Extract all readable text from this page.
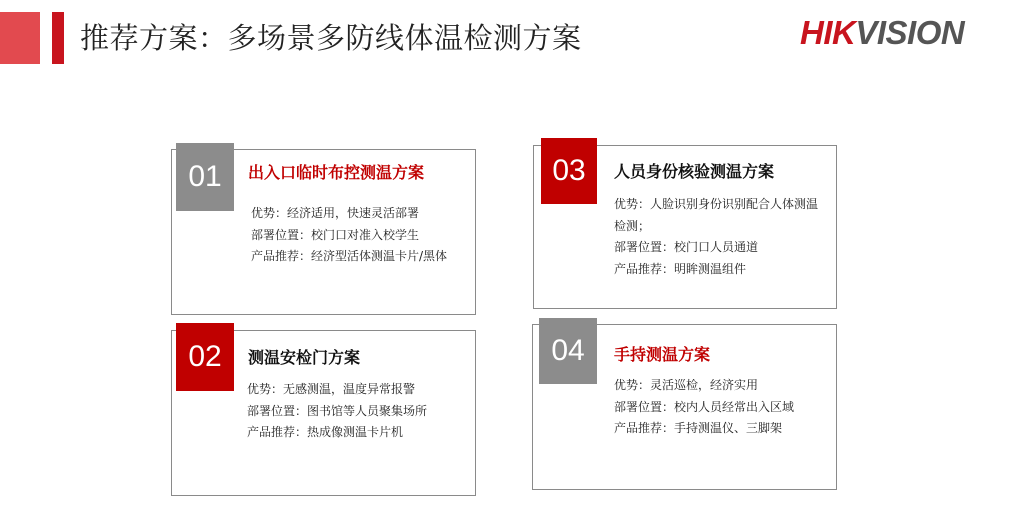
推荐方案：多场景多防线体温检测方案	HIKVISION
01	出入口临时布控测温方案
优势：经济适用，快速灵活部署
部署位置：校门口对准入校学生
产品推荐：经济型活体测温卡片/黑体
02	测温安检门方案
优势：无感测温，温度异常报警
部署位置：图书馆等人员聚集场所
产品推荐：热成像测温卡片机
03	人员身份核验测温方案
优势：人脸识别身份识别配合人体测温
检测；
部署位置：校门口人员通道
产品推荐：明眸测温组件
04	手持测温方案
优势：灵活巡检，经济实用
部署位置：校内人员经常出入区域
产品推荐：手持测温仪、三脚架
